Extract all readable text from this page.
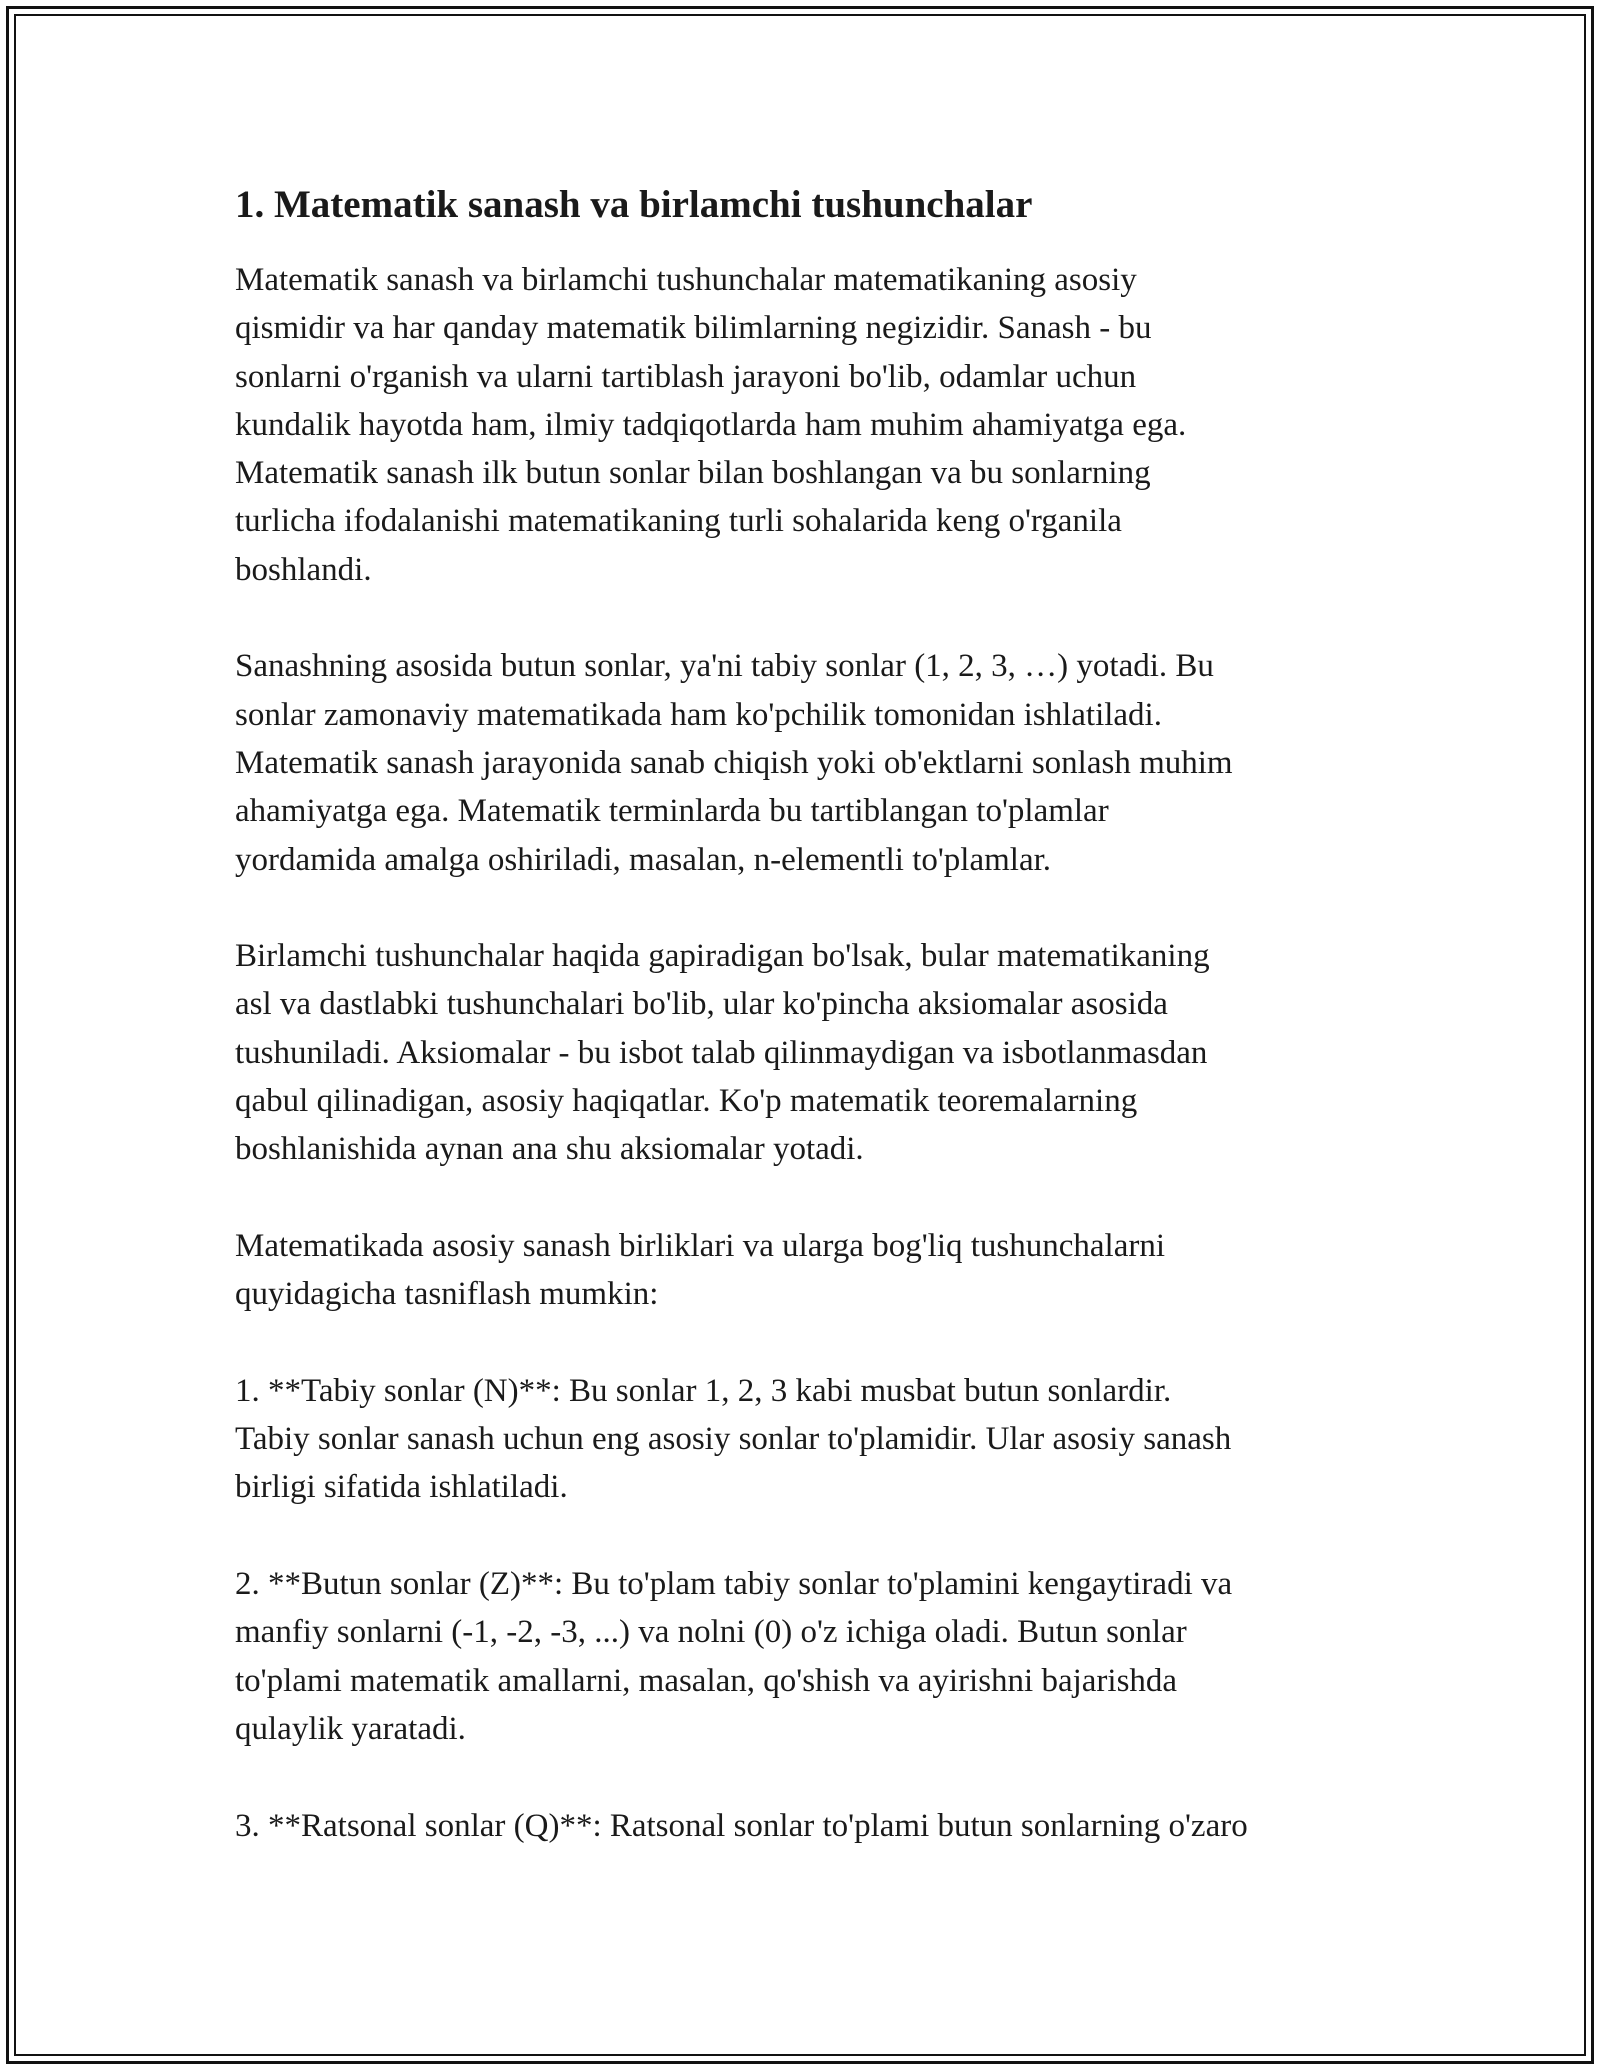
1. Matematik sanash va birlamchi tushunchalar

Matematik sanash va birlamchi tushunchalar matematikaning asosiy
qismidir va har qanday matematik bilimlarning negizidir. Sanash - bu
sonlarni o'rganish va ularni tartiblash jarayoni bo'lib, odamlar uchun
kundalik hayotda ham, ilmiy tadqiqotlarda ham muhim ahamiyatga ega.
Matematik sanash ilk butun sonlar bilan boshlangan va bu sonlarning
turlicha ifodalanishi matematikaning turli sohalarida keng o'rganila
boshlandi.

Sanashning asosida butun sonlar, ya'ni tabiy sonlar (1, 2, 3, …) yotadi. Bu
sonlar zamonaviy matematikada ham ko'pchilik tomonidan ishlatiladi.
Matematik sanash jarayonida sanab chiqish yoki ob'ektlarni sonlash muhim
ahamiyatga ega. Matematik terminlarda bu tartiblangan to'plamlar
yordamida amalga oshiriladi, masalan, n-elementli to'plamlar.

Birlamchi tushunchalar haqida gapiradigan bo'lsak, bular matematikaning
asl va dastlabki tushunchalari bo'lib, ular ko'pincha aksiomalar asosida
tushuniladi. Aksiomalar - bu isbot talab qilinmaydigan va isbotlanmasdan
qabul qilinadigan, asosiy haqiqatlar. Ko'p matematik teoremalarning
boshlanishida aynan ana shu aksiomalar yotadi.

Matematikada asosiy sanash birliklari va ularga bog'liq tushunchalarni
quyidagicha tasniflash mumkin:

1. **Tabiy sonlar (N)**: Bu sonlar 1, 2, 3 kabi musbat butun sonlardir.
Tabiy sonlar sanash uchun eng asosiy sonlar to'plamidir. Ular asosiy sanash
birligi sifatida ishlatiladi.

2. **Butun sonlar (Z)**: Bu to'plam tabiy sonlar to'plamini kengaytiradi va
manfiy sonlarni (-1, -2, -3, ...) va nolni (0) o'z ichiga oladi. Butun sonlar
to'plami matematik amallarni, masalan, qo'shish va ayirishni bajarishda
qulaylik yaratadi.

3. **Ratsonal sonlar (Q)**: Ratsonal sonlar to'plami butun sonlarning o'zaro
